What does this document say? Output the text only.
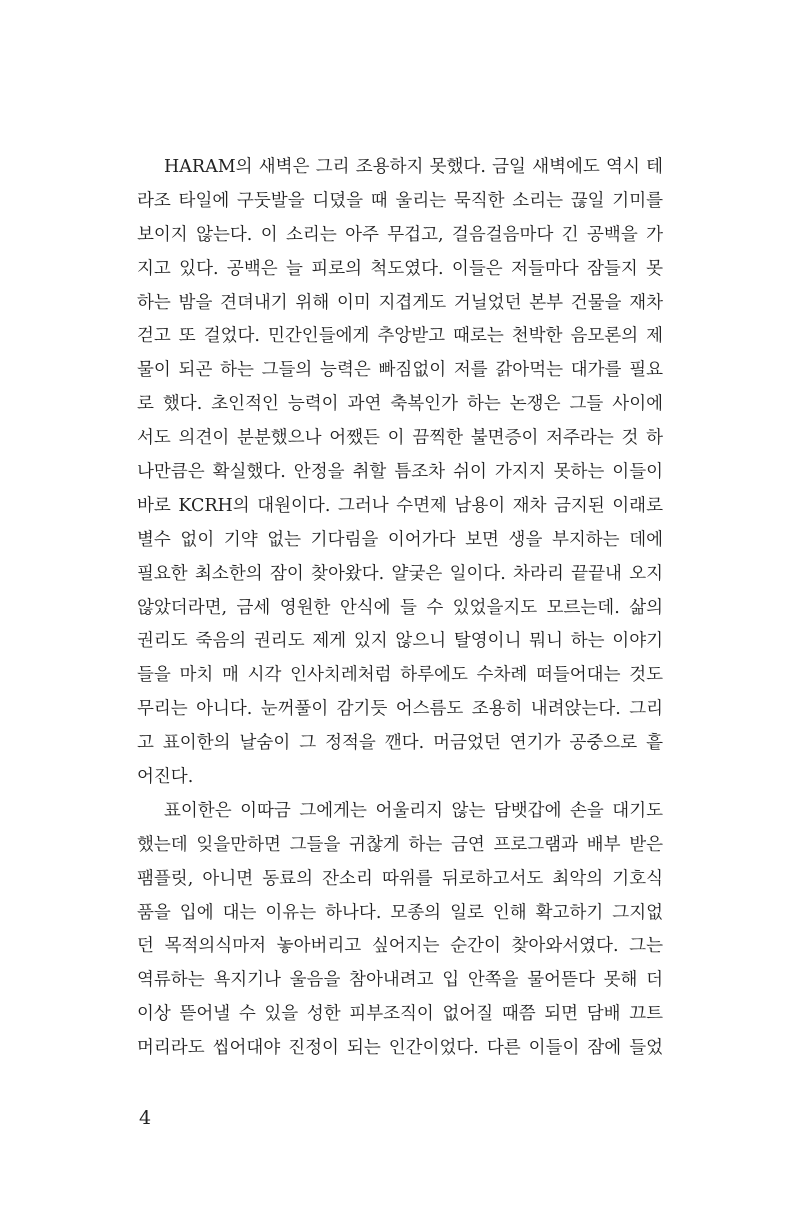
HARAM의 새벽은 그리 조용하지 못했다. 금일 새벽에도 역시 테
라조 타일에 구둣발을 디뎠을 때 울리는 묵직한 소리는 끊일 기미를
보이지 않는다. 이 소리는 아주 무겁고, 걸음걸음마다 긴 공백을 가
지고 있다. 공백은 늘 피로의 척도였다. 이들은 저들마다 잠들지 못
하는 밤을 견뎌내기 위해 이미 지겹게도 거닐었던 본부 건물을 재차
걷고 또 걸었다. 민간인들에게 추앙받고 때로는 천박한 음모론의 제
물이 되곤 하는 그들의 능력은 빠짐없이 저를 갉아먹는 대가를 필요
로 했다. 초인적인 능력이 과연 축복인가 하는 논쟁은 그들 사이에
서도 의견이 분분했으나 어쨌든 이 끔찍한 불면증이 저주라는 것 하
나만큼은 확실했다. 안정을 취할 틈조차 쉬이 가지지 못하는 이들이
바로 KCRH의 대원이다. 그러나 수면제 남용이 재차 금지된 이래로
별수 없이 기약 없는 기다림을 이어가다 보면 생을 부지하는 데에
필요한 최소한의 잠이 찾아왔다. 얄궂은 일이다. 차라리 끝끝내 오지
않았더라면, 금세 영원한 안식에 들 수 있었을지도 모르는데. 삶의
권리도 죽음의 권리도 제게 있지 않으니 탈영이니 뭐니 하는 이야기
들을 마치 매 시각 인사치레처럼 하루에도 수차례 떠들어대는 것도
무리는 아니다. 눈꺼풀이 감기듯 어스름도 조용히 내려앉는다. 그리
고 표이한의 날숨이 그 정적을 깬다. 머금었던 연기가 공중으로 흩
어진다.
표이한은 이따금 그에게는 어울리지 않는 담뱃갑에 손을 대기도
했는데 잊을만하면 그들을 귀찮게 하는 금연 프로그램과 배부 받은
팸플릿, 아니면 동료의 잔소리 따위를 뒤로하고서도 최악의 기호식
품을 입에 대는 이유는 하나다. 모종의 일로 인해 확고하기 그지없
던 목적의식마저 놓아버리고 싶어지는 순간이 찾아와서였다. 그는
역류하는 욕지기나 울음을 참아내려고 입 안쪽을 물어뜯다 못해 더
이상 뜯어낼 수 있을 성한 피부조직이 없어질 때쯤 되면 담배 끄트
머리라도 씹어대야 진정이 되는 인간이었다. 다른 이들이 잠에 들었
4
